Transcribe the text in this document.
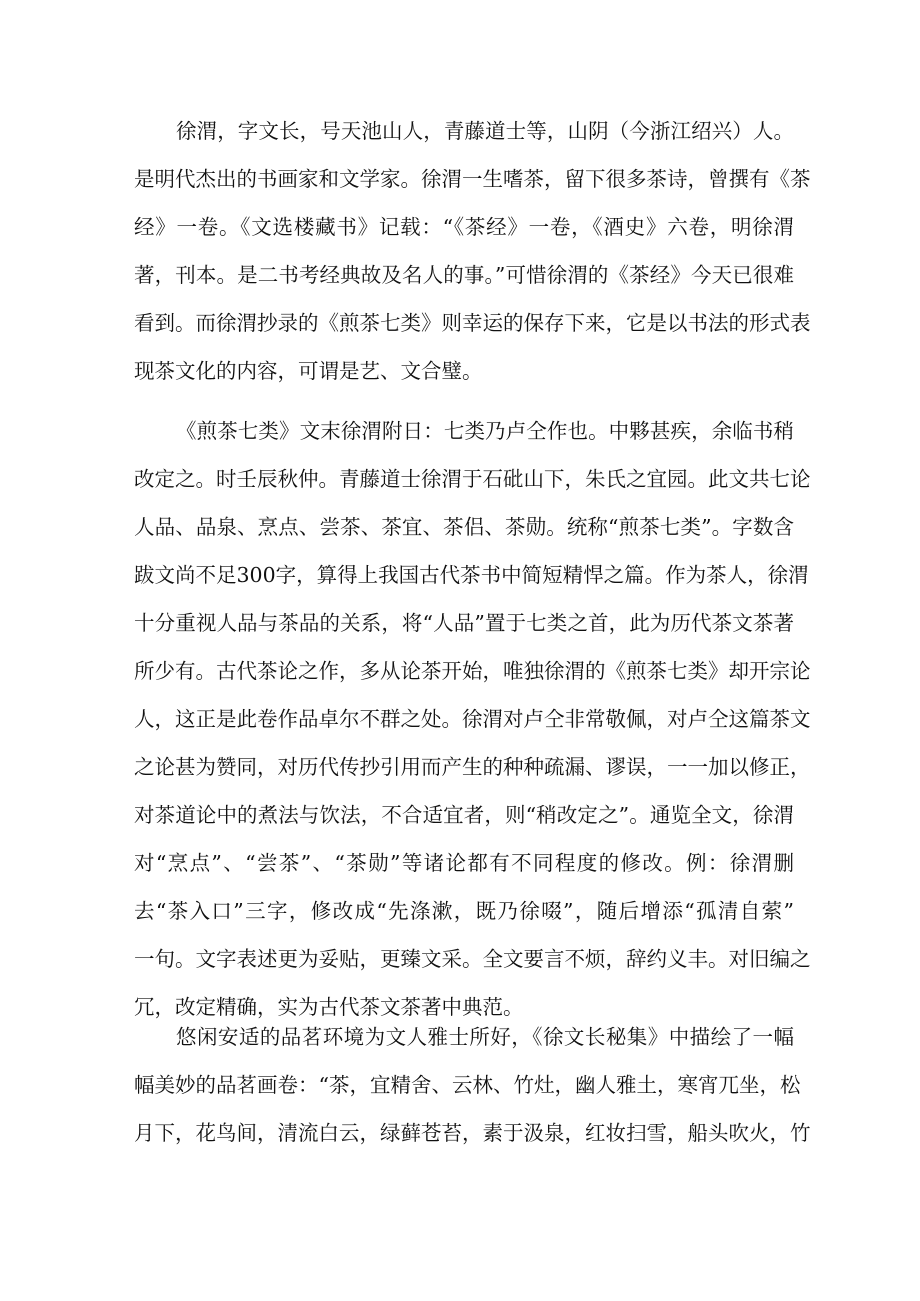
徐渭，字文长，号天池山人，青藤道士等，山阴（今浙江绍兴）人。
是明代杰出的书画家和文学家。徐渭一生嗜茶，留下很多茶诗，曾撰有《茶
经》一卷。《文选楼藏书》记载：“《茶经》一卷，《酒史》六卷，明徐渭
著，刊本。是二书考经典故及名人的事。”可惜徐渭的《茶经》今天已很难
看到。而徐渭抄录的《煎茶七类》则幸运的保存下来，它是以书法的形式表
现茶文化的内容，可谓是艺、文合璧。
《煎茶七类》文末徐渭附日：七类乃卢仝作也。中夥甚疾，余临书稍
改定之。时壬辰秋仲。青藤道士徐渭于石砒山下，朱氏之宜园。此文共七论
人品、品泉、烹点、尝茶、茶宜、茶侣、茶勋。统称“煎茶七类”。字数含
跋文尚不足300字，算得上我国古代茶书中简短精悍之篇。作为茶人，徐渭
十分重视人品与茶品的关系，将“人品”置于七类之首，此为历代茶文茶著
所少有。古代茶论之作，多从论茶开始，唯独徐渭的《煎茶七类》却开宗论
人，这正是此卷作品卓尔不群之处。徐渭对卢仝非常敬佩，对卢仝这篇茶文
之论甚为赞同，对历代传抄引用而产生的种种疏漏、谬误，一一加以修正，
对茶道论中的煮法与饮法，不合适宜者，则“稍改定之”。通览全文，徐渭
对“烹点”、“尝茶”、“茶勋”等诸论都有不同程度的修改。例：徐渭删
去“茶入口”三字，修改成“先涤漱，既乃徐啜”，随后增添“孤清自萦”
一句。文字表述更为妥贴，更臻文采。全文要言不烦，辞约义丰。对旧编之
冗，改定精确，实为古代茶文茶著中典范。
悠闲安适的品茗环境为文人雅士所好，《徐文长秘集》中描绘了一幅
幅美妙的品茗画卷：“茶，宜精舍、云林、竹灶，幽人雅土，寒宵兀坐，松
月下，花鸟间，清流白云，绿藓苍苔，素于汲泉，红妆扫雪，船头吹火，竹
